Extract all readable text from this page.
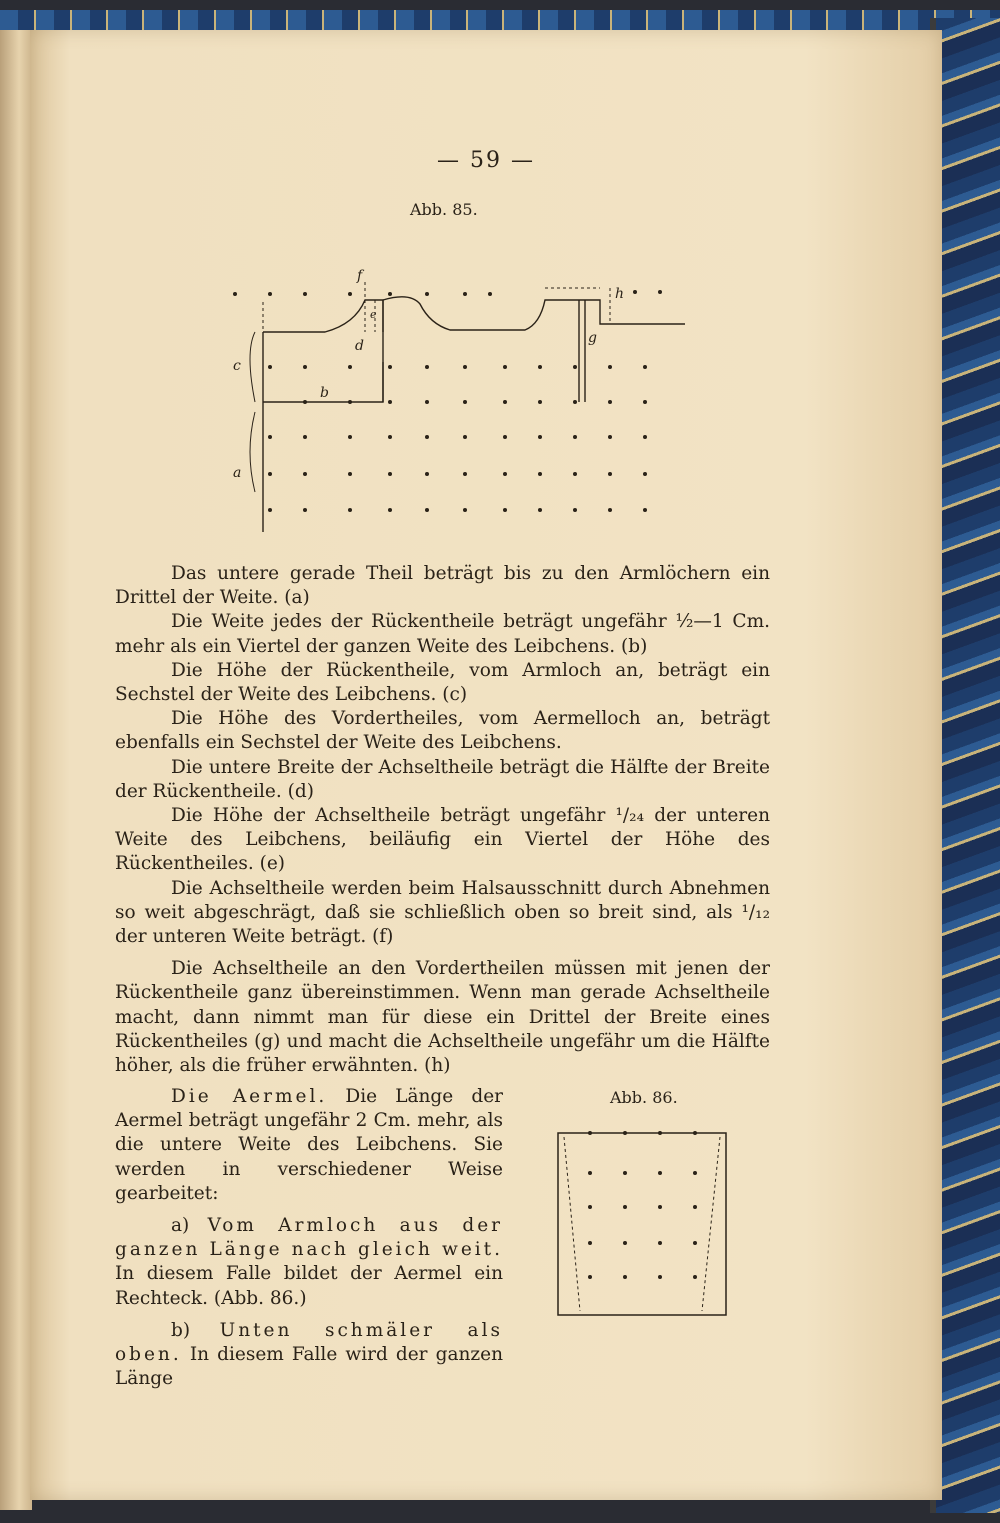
— 59 —
Abb. 85.
f
e
d
c
b
a
g
h

Das untere gerade Theil beträgt bis zu den Armlöchern ein Drittel der Weite. (a)

Die Weite jedes der Rückentheile beträgt ungefähr ½—1 Cm. mehr als ein Viertel der ganzen Weite des Leibchens. (b)

Die Höhe der Rückentheile, vom Armloch an, beträgt ein Sechstel der Weite des Leibchens. (c)

Die Höhe des Vordertheiles, vom Aermelloch an, beträgt ebenfalls ein Sechstel der Weite des Leibchens.

Die untere Breite der Achseltheile beträgt die Hälfte der Breite der Rückentheile. (d)

Die Höhe der Achseltheile beträgt ungefähr ¹/₂₄ der unteren Weite des Leibchens, beiläufig ein Viertel der Höhe des Rückentheiles. (e)

Die Achseltheile werden beim Halsausschnitt durch Abnehmen so weit abgeschrägt, daß sie schließlich oben so breit sind, als ¹/₁₂ der unteren Weite beträgt. (f)

Die Achseltheile an den Vordertheilen müssen mit jenen der Rückentheile ganz übereinstimmen. Wenn man gerade Achseltheile macht, dann nimmt man für diese ein Drittel der Breite eines Rückentheiles (g) und macht die Achseltheile ungefähr um die Hälfte höher, als die früher erwähnten. (h)

Die Aermel. Die Länge der Aermel beträgt ungefähr 2 Cm. mehr, als die untere Weite des Leibchens. Sie werden in verschiedener Weise gearbeitet:

a) Vom Armloch aus der ganzen Länge nach gleich weit. In diesem Falle bildet der Aermel ein Rechteck. (Abb. 86.)

b) Unten schmäler als oben. In diesem Falle wird der ganzen Länge

Abb. 86.
